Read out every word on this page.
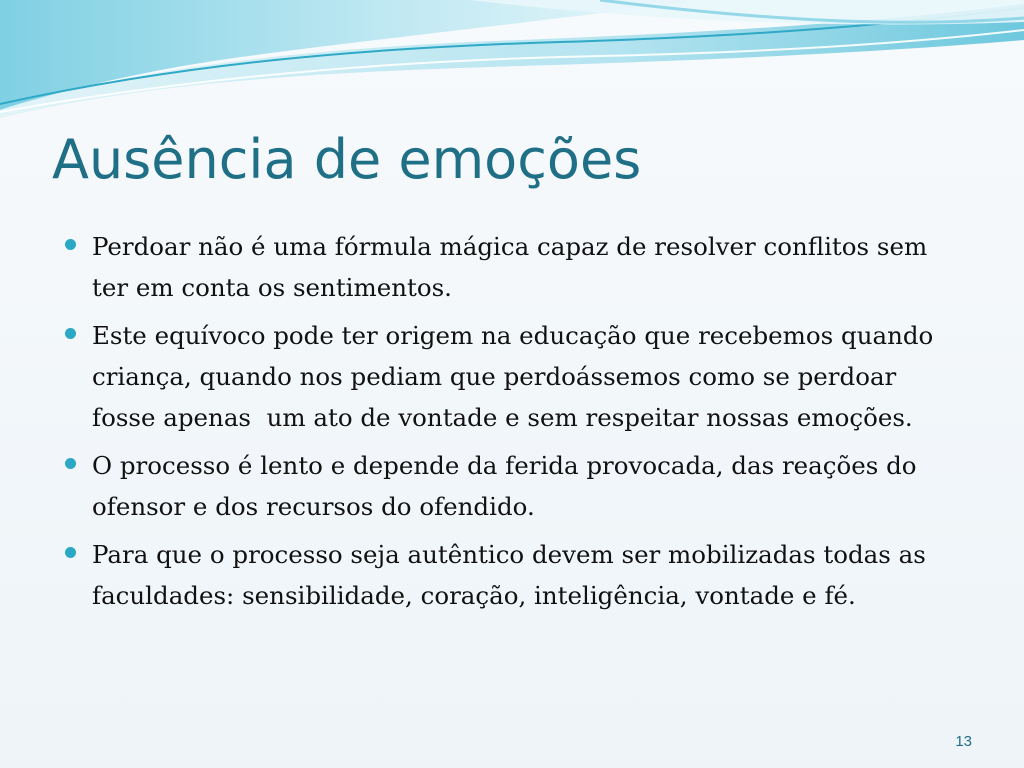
Ausência de emoções
Perdoar não é uma fórmula mágica capaz de resolver conflitos sem ter em conta os sentimentos.
Este equívoco pode ter origem na educação que recebemos quando criança, quando nos pediam que perdoássemos como se perdoar  fosse apenas  um ato de vontade e sem respeitar nossas emoções.
O processo é lento e depende da ferida provocada, das reações do ofensor e dos recursos do ofendido.
Para que o processo seja autêntico devem ser mobilizadas todas as faculdades: sensibilidade, coração, inteligência, vontade e fé.
13
